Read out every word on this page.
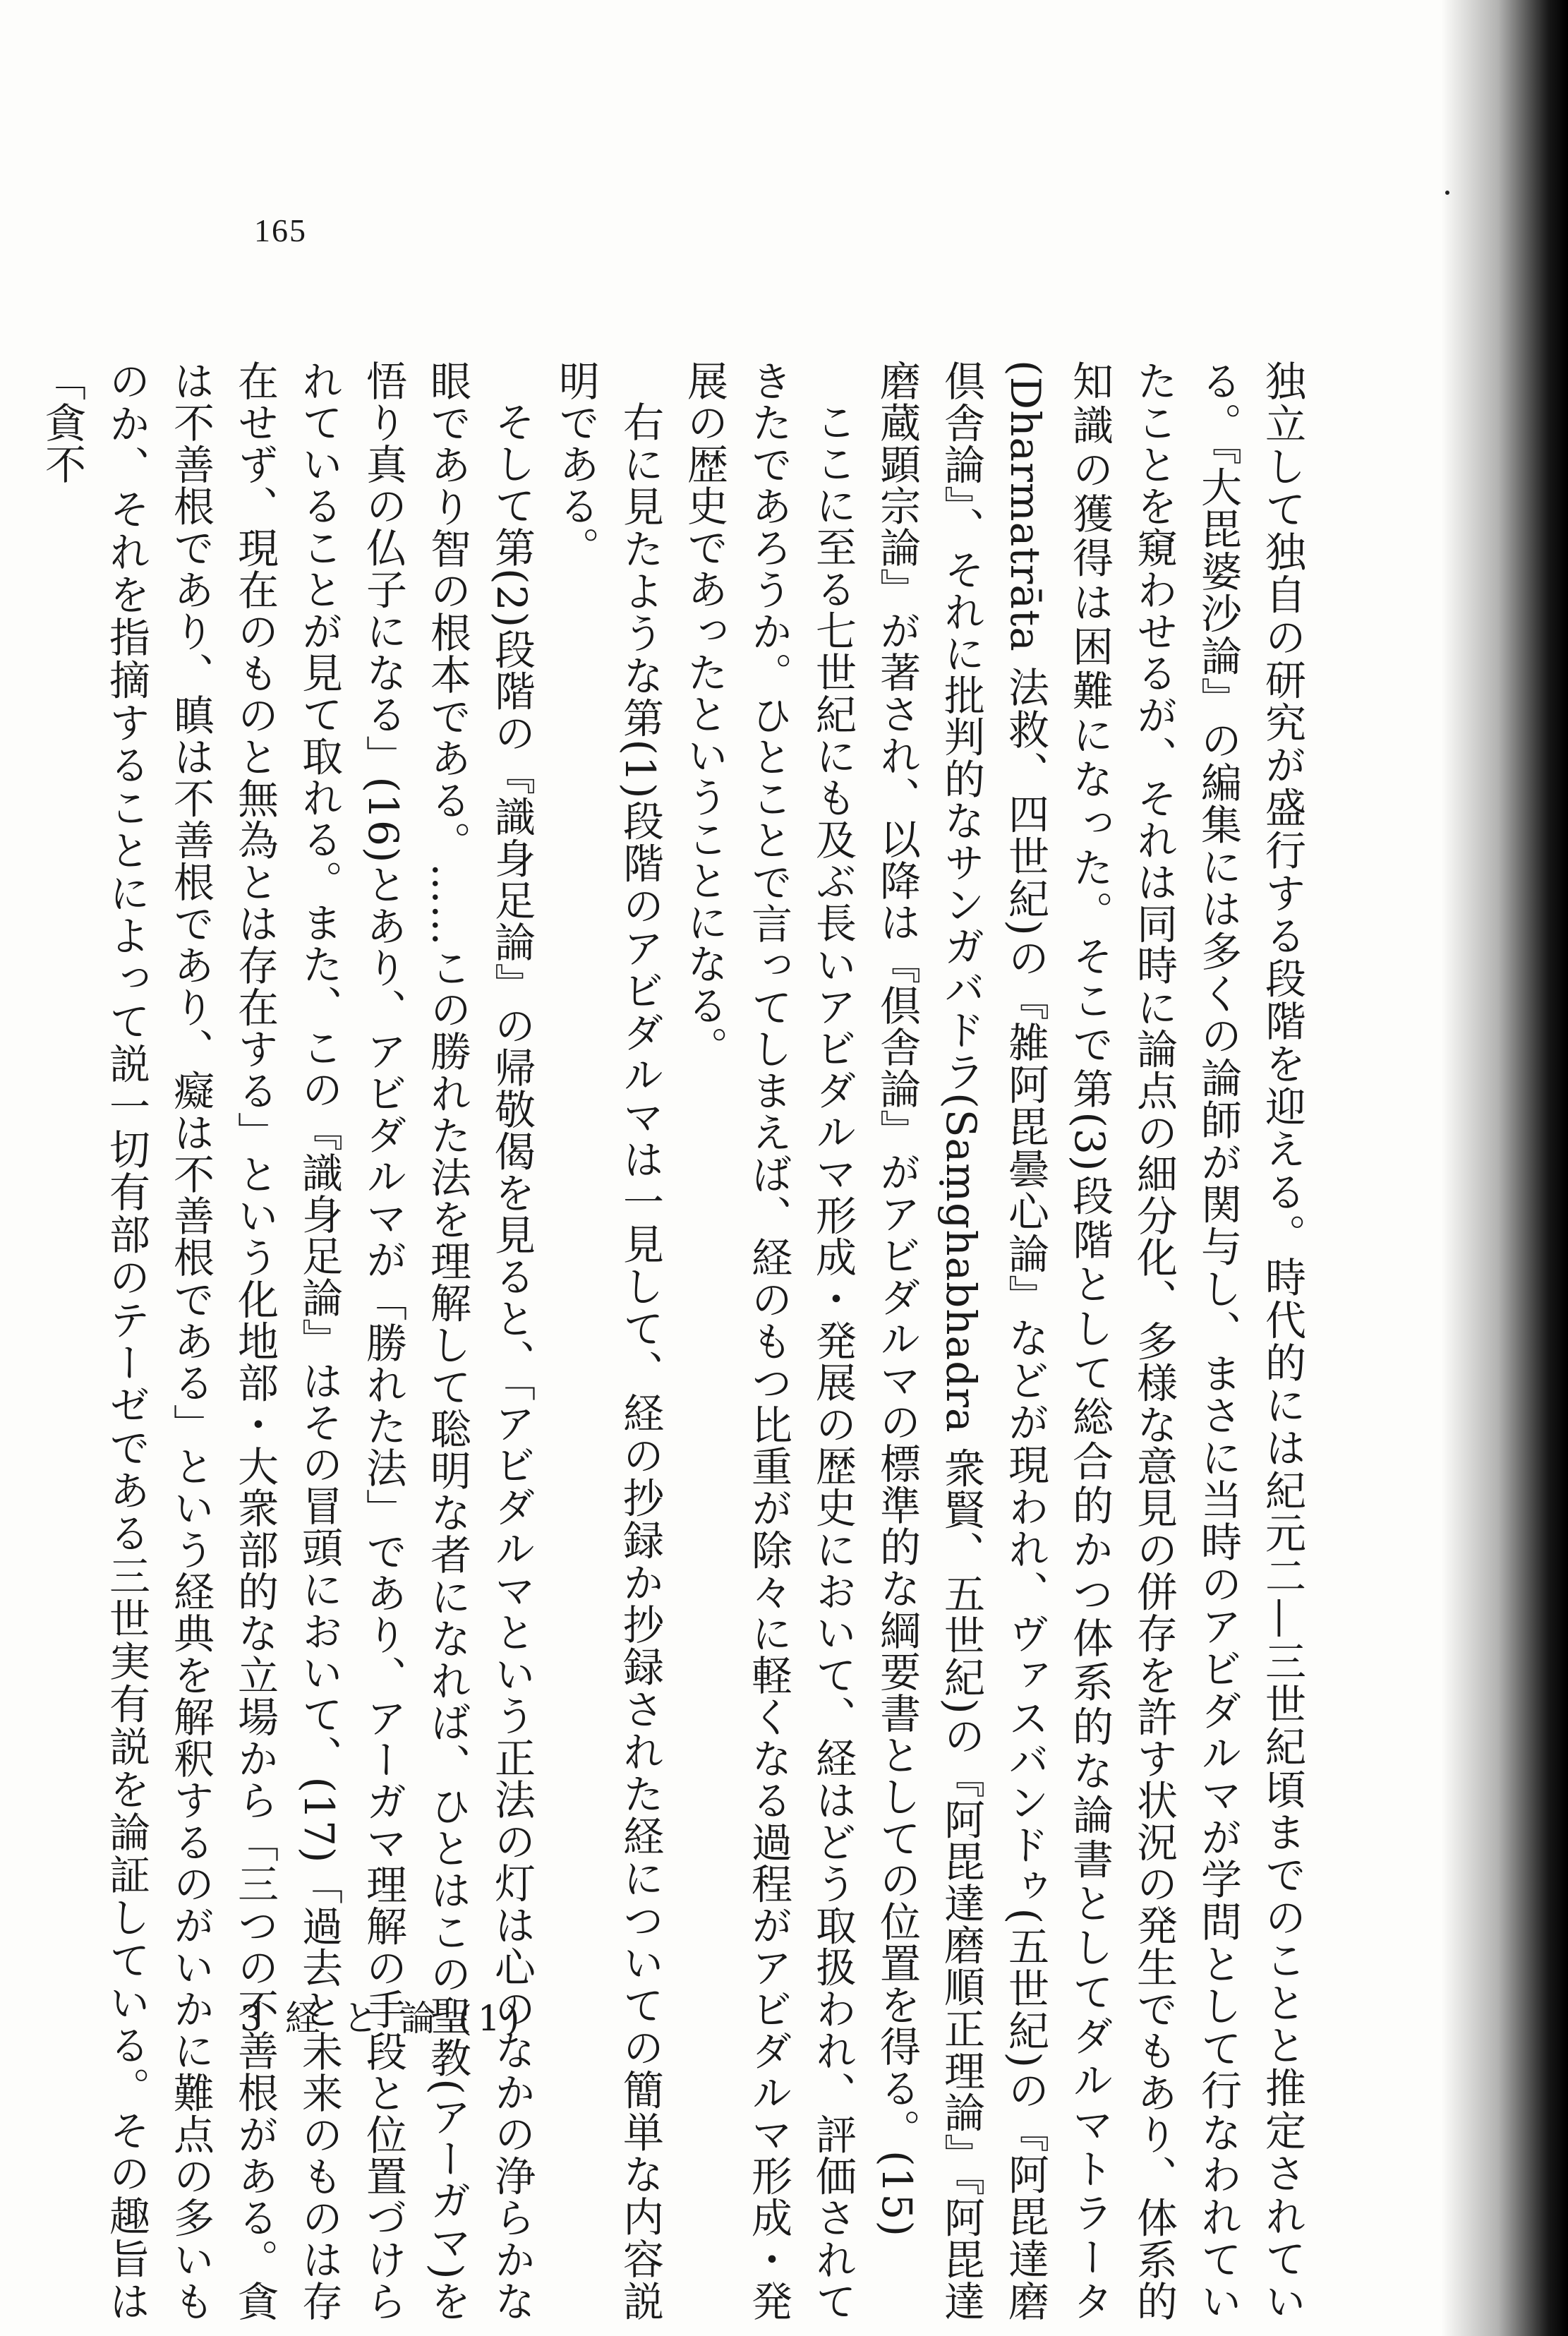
165

独立して独自の研究が盛行する段階を迎える。時代的には紀元二—三世紀頃までのことと推定されている。『大毘婆沙論』の編集には多くの論師が関与し、まさに当時のアビダルマが学問として行なわれていたことを窺わせるが、それは同時に論点の細分化、多様な意見の併存を許す状況の発生でもあり、体系的知識の獲得は困難になった。そこで第(3)段階として総合的かつ体系的な論書としてダルマトラータ(Dharmatrāta 法救、四世紀)の『雑阿毘曇心論』などが現われ、ヴァスバンドゥ(五世紀)の『阿毘達磨倶舎論』、それに批判的なサンガバドラ(Saṃghabhadra 衆賢、五世紀)の『阿毘達磨順正理論』『阿毘達磨蔵顕宗論』が著され、以降は『倶舎論』がアビダルマの標準的な綱要書としての位置を得る。(15)

ここに至る七世紀にも及ぶ長いアビダルマ形成・発展の歴史において、経はどう取扱われ、評価されてきたであろうか。ひとことで言ってしまえば、経のもつ比重が除々に軽くなる過程がアビダルマ形成・発展の歴史であったということになる。

右に見たような第(1)段階のアビダルマは一見して、経の抄録か抄録された経についての簡単な内容説明である。

そして第(2)段階の『識身足論』の帰敬偈を見ると、「アビダルマという正法の灯は心のなかの浄らかな眼であり智の根本である。……この勝れた法を理解して聡明な者になれば、ひとはこの聖教(アーガマ)を悟り真の仏子になる」(16)とあり、アビダルマが「勝れた法」であり、アーガマ理解の手段と位置づけられていることが見て取れる。また、この『識身足論』はその冒頭において、(17)「過去と未来のものは存在せず、現在のものと無為とは存在する」という化地部・大衆部的な立場から「三つの不善根がある。貪は不善根であり、瞋は不善根であり、癡は不善根である」という経典を解釈するのがいかに難点の多いものか、それを指摘することによって説一切有部のテーゼである三世実有説を論証している。その趣旨は「貪不

3 経 と 論 (1)
